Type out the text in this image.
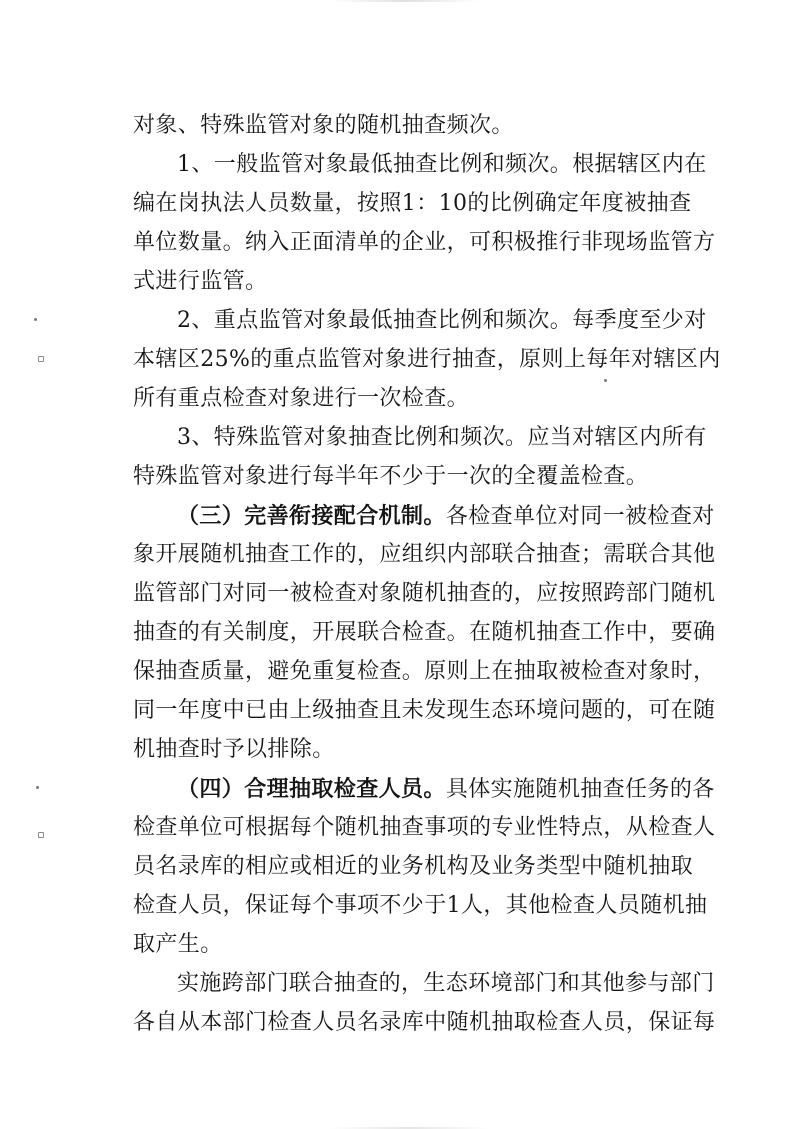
对象、特殊监管对象的随机抽查频次。
1、一般监管对象最低抽查比例和频次。根据辖区内在
编在岗执法人员数量，按照1：10的比例确定年度被抽查
单位数量。纳入正面清单的企业，可积极推行非现场监管方
式进行监管。
2、重点监管对象最低抽查比例和频次。每季度至少对
本辖区25%的重点监管对象进行抽查，原则上每年对辖区内
所有重点检查对象进行一次检查。
3、特殊监管对象抽查比例和频次。应当对辖区内所有
特殊监管对象进行每半年不少于一次的全覆盖检查。
（三）完善衔接配合机制。各检查单位对同一被检查对
象开展随机抽查工作的，应组织内部联合抽查；需联合其他
监管部门对同一被检查对象随机抽查的，应按照跨部门随机
抽查的有关制度，开展联合检查。在随机抽查工作中，要确
保抽查质量，避免重复检查。原则上在抽取被检查对象时，
同一年度中已由上级抽查且未发现生态环境问题的，可在随
机抽查时予以排除。
（四）合理抽取检查人员。具体实施随机抽查任务的各
检查单位可根据每个随机抽查事项的专业性特点，从检查人
员名录库的相应或相近的业务机构及业务类型中随机抽取
检查人员，保证每个事项不少于1人，其他检查人员随机抽
取产生。
实施跨部门联合抽查的，生态环境部门和其他参与部门
各自从本部门检查人员名录库中随机抽取检查人员，保证每
